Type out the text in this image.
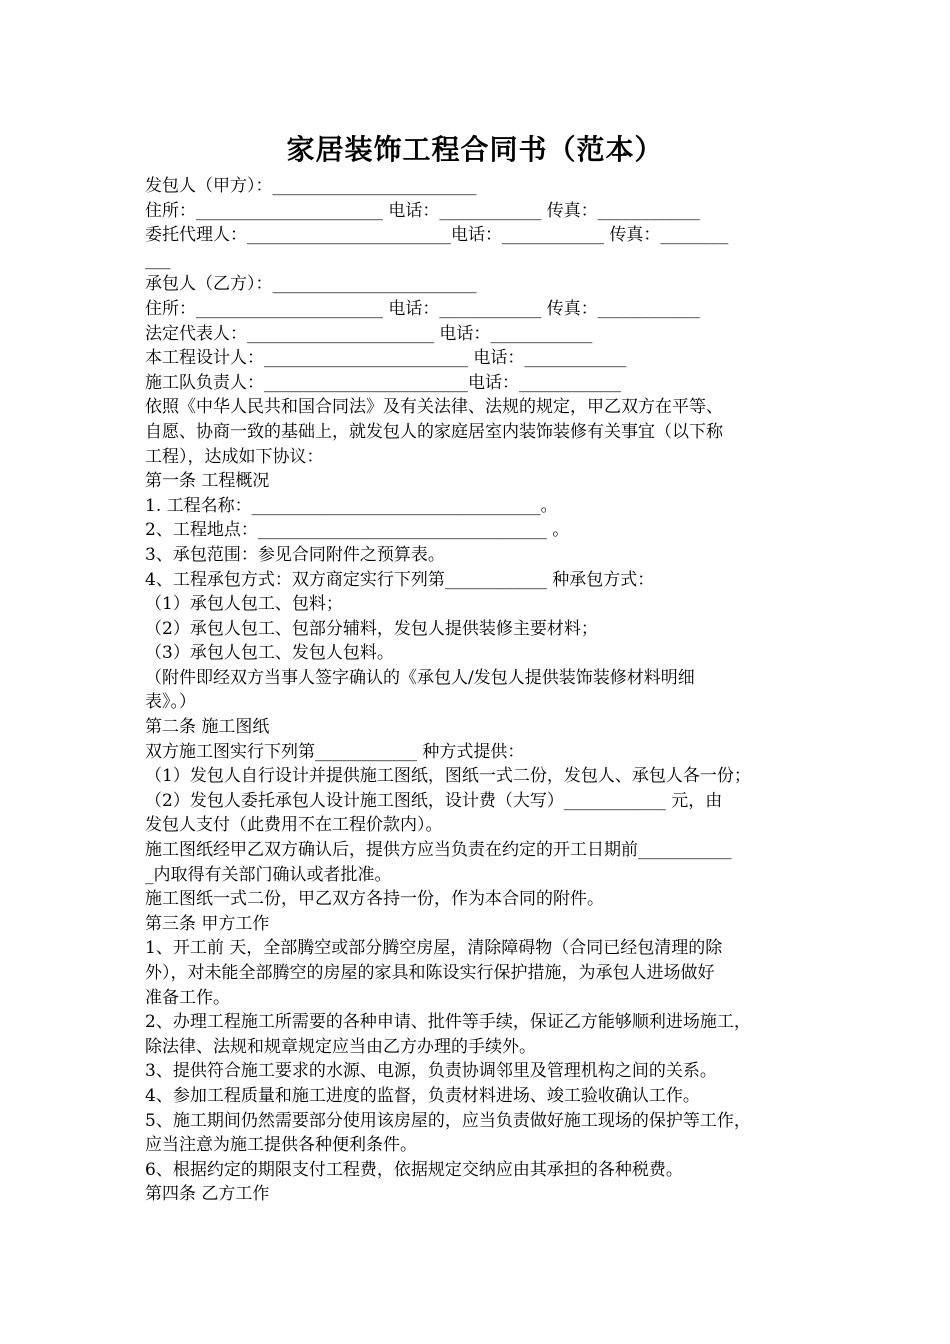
家居装饰工程合同书（范本）
发包人（甲方）：________________________
住所：______________________ 电话：____________ 传真：____________
委托代理人：________________________电话：____________ 传真：________
___
承包人（乙方）：________________________
住所：______________________ 电话：____________ 传真：____________
法定代表人：______________________ 电话：____________
本工程设计人：________________________ 电话：____________
施工队负责人：________________________电话：____________
依照《中华人民共和国合同法》及有关法律、法规的规定，甲乙双方在平等、
自愿、协商一致的基础上，就发包人的家庭居室内装饰装修有关事宜（以下称
工程），达成如下协议：
第一条 工程概况
1. 工程名称：__________________________________。
2、工程地点：__________________________________ 。
3、承包范围：参见合同附件之预算表。
4、工程承包方式：双方商定实行下列第____________ 种承包方式：
（1）承包人包工、包料；
（2）承包人包工、包部分辅料，发包人提供装修主要材料；
（3）承包人包工、发包人包料。
（附件即经双方当事人签字确认的《承包人/发包人提供装饰装修材料明细
表》。）
第二条 施工图纸
双方施工图实行下列第____________ 种方式提供：
（1）发包人自行设计并提供施工图纸，图纸一式二份，发包人、承包人各一份；
（2）发包人委托承包人设计施工图纸，设计费（大写）____________ 元，由
发包人支付（此费用不在工程价款内）。
施工图纸经甲乙双方确认后，提供方应当负责在约定的开工日期前___________
_内取得有关部门确认或者批准。
施工图纸一式二份，甲乙双方各持一份，作为本合同的附件。
第三条 甲方工作
1、开工前 天，全部腾空或部分腾空房屋，清除障碍物（合同已经包清理的除
外），对未能全部腾空的房屋的家具和陈设实行保护措施，为承包人进场做好
准备工作。
2、办理工程施工所需要的各种申请、批件等手续，保证乙方能够顺利进场施工，
除法律、法规和规章规定应当由乙方办理的手续外。
3、提供符合施工要求的水源、电源，负责协调邻里及管理机构之间的关系。
4、参加工程质量和施工进度的监督，负责材料进场、竣工验收确认工作。
5、施工期间仍然需要部分使用该房屋的，应当负责做好施工现场的保护等工作，
应当注意为施工提供各种便利条件。
6、根据约定的期限支付工程费，依据规定交纳应由其承担的各种税费。
第四条 乙方工作
